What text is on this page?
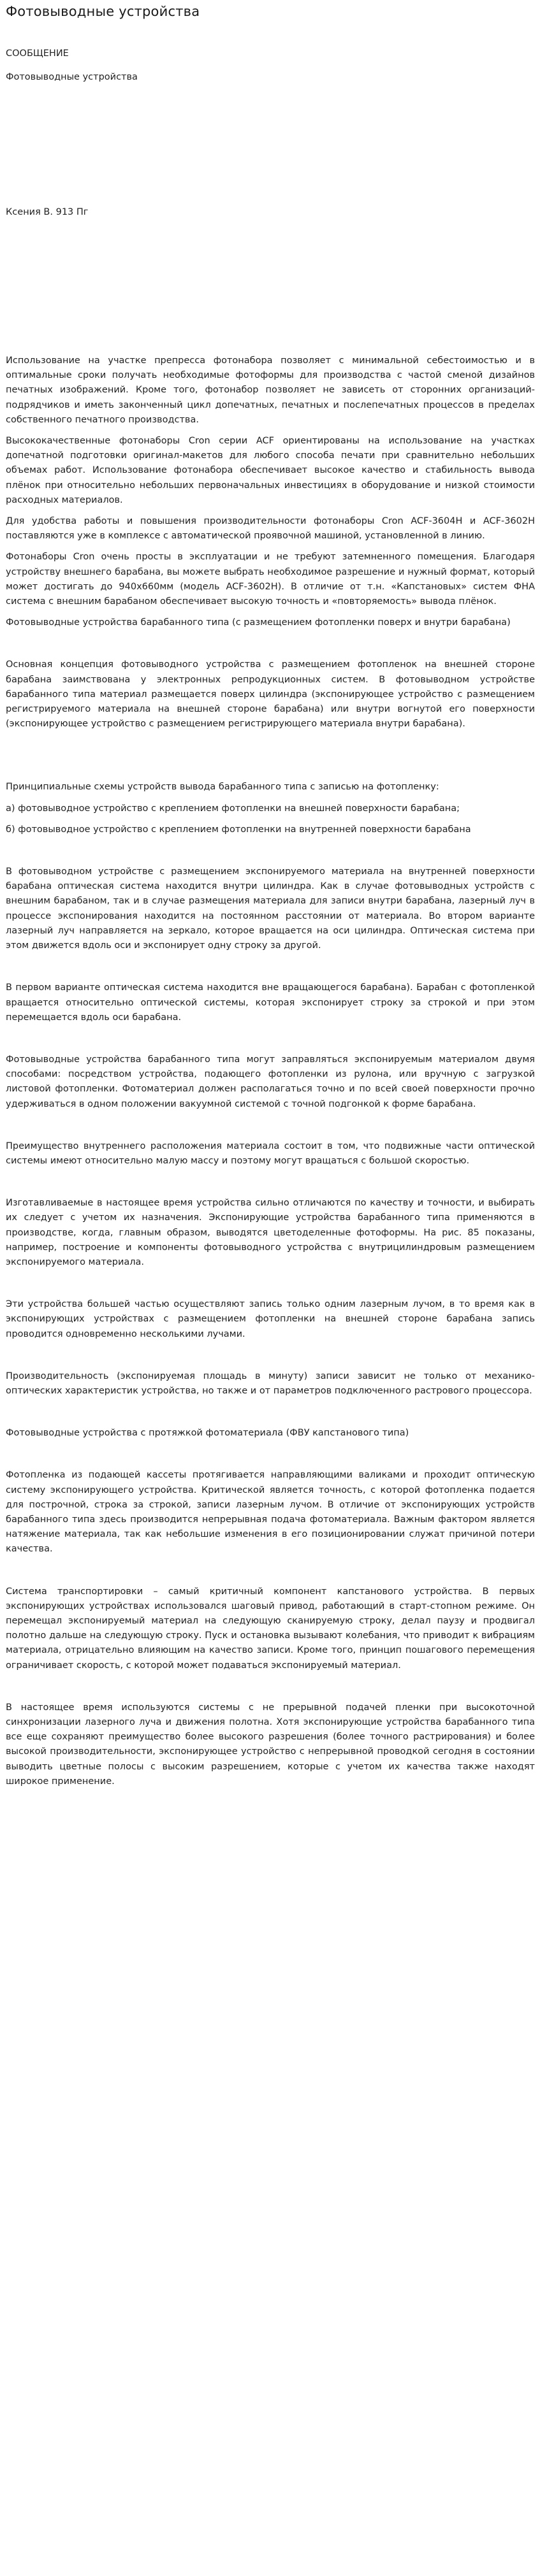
Фотовыводные устройства
СООБЩЕНИЕ
Фотовыводные устройства
Ксения В. 913 Пг

Использование на участке препресса фотонабора позволяет с минимальной себестоимостью и в оптимальные сроки получать необходимые фотоформы для производства с частой сменой дизайнов печатных изображений. Кроме того, фотонабор позволяет не зависеть от сторонних организаций-подрядчиков и иметь законченный цикл допечатных, печатных и послепечатных процессов в пределах собственного печатного производства.

Высококачественные фотонаборы Cron серии ACF ориентированы на использование на участках допечатной подготовки оригинал-макетов для любого способа печати при сравнительно небольших объемах работ. Использование фотонабора обеспечивает высокое качество и стабильность вывода плёнок при относительно небольших первоначальных инвестициях в оборудование и низкой стоимости расходных материалов.

Для удобства работы и повышения производительности фотонаборы Cron ACF-3604H и ACF-3602H поставляются уже в комплексе с автоматической проявочной машиной, установленной в линию.

Фотонаборы Cron очень просты в эксплуатации и не требуют затемненного помещения. Благодаря устройству внешнего барабана, вы можете выбрать необходимое разрешение и нужный формат, который может достигать до 940х660мм (модель ACF-3602H). В отличие от т.н. «Капстановых» систем ФНА система с внешним барабаном обеспечивает высокую точность и «повторяемость» вывода плёнок.

Фотовыводные устройства барабанного типа (с размещением фотопленки поверх и внутри барабана)

Основная концепция фотовыводного устройства с размещением фотопленок на внешней стороне барабана заимствована у электронных репродукционных систем. В фотовыводном устройстве барабанного типа материал размещается поверх цилиндра (экспонирующее устройство с размещением регистрируемого материала на внешней стороне барабана) или внутри вогнутой его поверхности (экспонирующее устройство с размещением регистрирующего материала внутри барабана).

Принципиальные схемы устройств вывода барабанного типа с записью на фотопленку:

а) фотовыводное устройство с креплением фотопленки на внешней поверхности барабана;

б) фотовыводное устройство с креплением фотопленки на внутренней поверхности барабана

В фотовыводном устройстве с размещением экспонируемого материала на внутренней поверхности барабана оптическая система находится внутри цилиндра. Как в случае фотовыводных устройств с внешним барабаном, так и в случае размещения материала для записи внутри барабана, лазерный луч в процессе экспонирования находится на постоянном расстоянии от материала. Во втором варианте лазерный луч направляется на зеркало, которое вращается на оси цилиндра. Оптическая система при этом движется вдоль оси и экспонирует одну строку за другой.

В первом варианте оптическая система находится вне вращающегося барабана). Барабан с фотопленкой вращается относительно оптической системы, которая экспонирует строку за строкой и при этом перемещается вдоль оси барабана.

Фотовыводные устройства барабанного типа могут заправляться экспонируемым материалом двумя способами: посредством устройства, подающего фотопленки из рулона, или вручную с загрузкой листовой фотопленки. Фотоматериал должен располагаться точно и по всей своей поверхности прочно удерживаться в одном положении вакуумной системой с точной подгонкой к форме барабана.

Преимущество внутреннего расположения материала состоит в том, что подвижные части оптической системы имеют относительно малую массу и поэтому могут вращаться с большой скоростью.

Изготавливаемые в настоящее время устройства сильно отличаются по качеству и точности, и выбирать их следует с учетом их назначения. Экспонирующие устройства барабанного типа применяются в производстве, когда, главным образом, выводятся цветоделенные фотоформы. На рис. 85 показаны, например, построение и компоненты фотовыводного устройства с внутрицилиндровым размещением экспонируемого материала.

Эти устройства большей частью осуществляют запись только одним лазерным лучом, в то время как в экспонирующих устройствах с размещением фотопленки на внешней стороне барабана запись проводится одновременно несколькими лучами.

Производительность (экспонируемая площадь в минуту) записи зависит не только от механико-оптических характеристик устройства, но также и от параметров подключенного растрового процессора.

Фотовыводные устройства с протяжкой фотоматериала (ФВУ капстанового типа)

Фотопленка из подающей кассеты протягивается направляющими валиками и проходит оптическую систему экспонирующего устройства. Критической является точность, с которой фотопленка подается для построчной, строка за строкой, записи лазерным лучом. В отличие от экспонирующих устройств барабанного типа здесь производится непрерывная подача фотоматериала. Важным фактором является натяжение материала, так как небольшие изменения в его позиционировании служат причиной потери качества.

Система транспортировки – самый критичный компонент капстанового устройства. В первых экспонирующих устройствах использовался шаговый привод, работающий в старт-стопном режиме. Он перемещал экспонируемый материал на следующую сканируемую строку, делал паузу и продвигал полотно дальше на следующую строку. Пуск и остановка вызывают колебания, что приводит к вибрациям материала, отрицательно влияющим на качество записи. Кроме того, принцип пошагового перемещения ограничивает скорость, с которой может подаваться экспонируемый материал.

В настоящее время используются системы с не прерывной подачей пленки при высокоточной синхронизации лазерного луча и движения полотна. Хотя экспонирующие устройства барабанного типа все еще сохраняют преимущество более высокого разрешения (более точного растрирования) и более высокой производительности, экспонирующее устройство с непрерывной проводкой сегодня в состоянии выводить цветные полосы с высоким разрешением, которые с учетом их качества также находят широкое применение.
